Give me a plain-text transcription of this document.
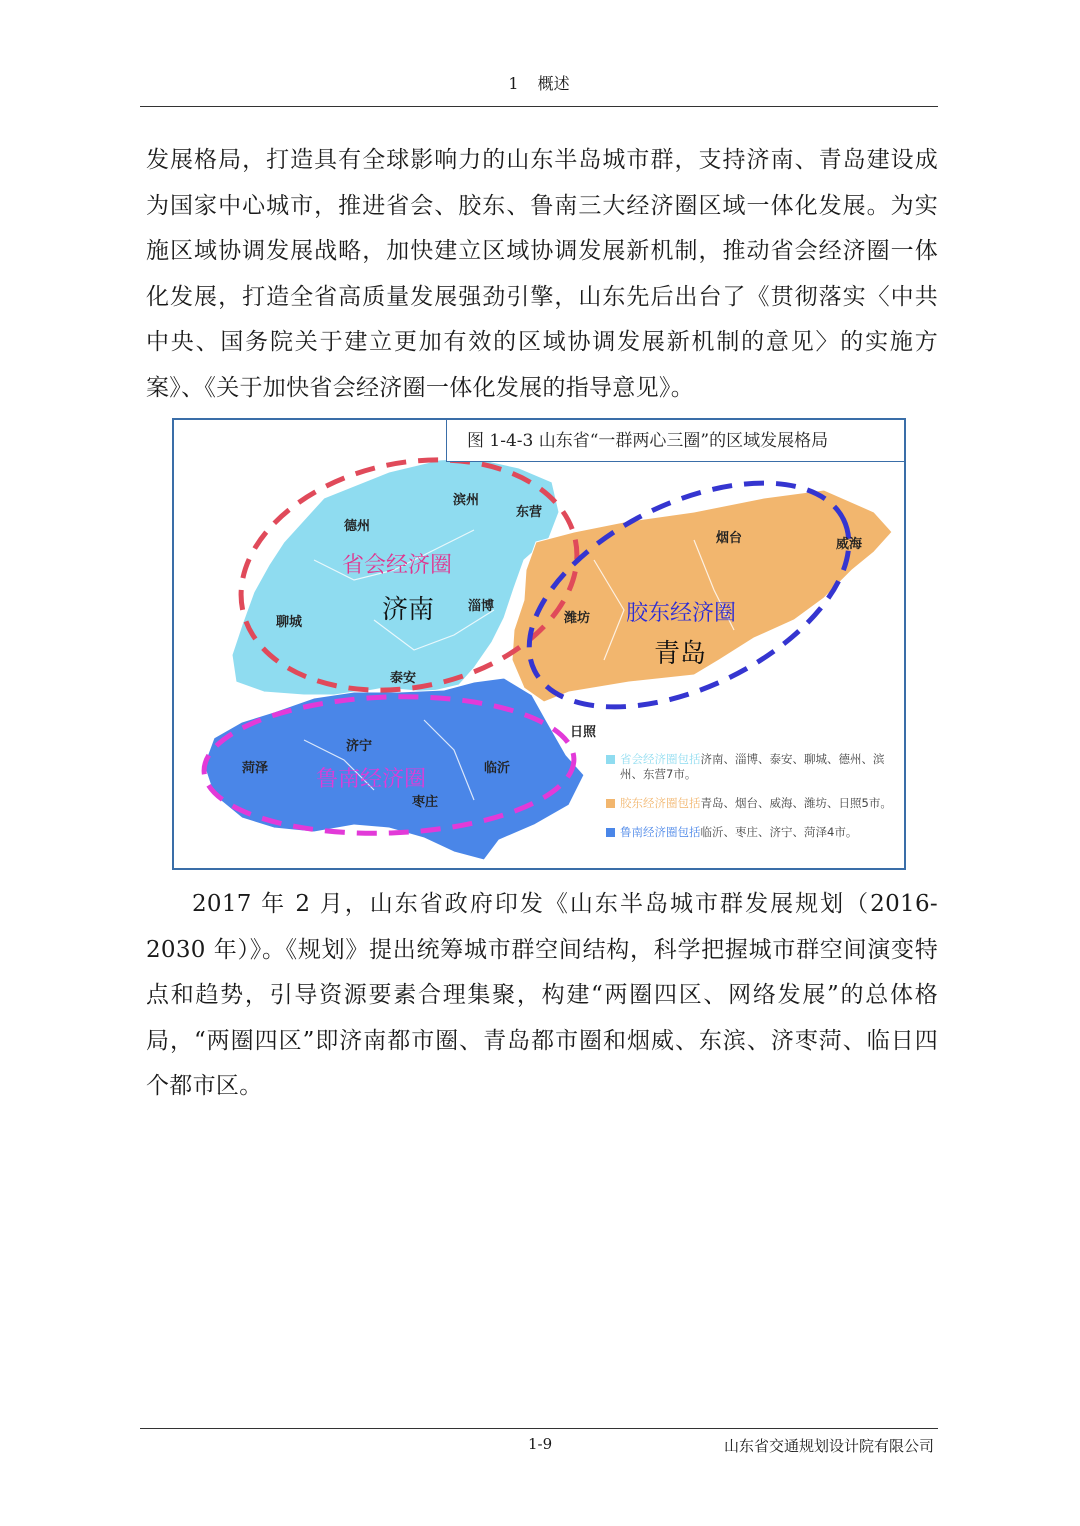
1 概述

发展格局，打造具有全球影响力的山东半岛城市群，支持济南、青岛建设成为国家中心城市，推进省会、胶东、鲁南三大经济圈区域一体化发展。为实施区域协调发展战略，加快建立区域协调发展新机制，推动省会经济圈一体化发展，打造全省高质量发展强劲引擎，山东先后出台了《贯彻落实〈中共中央、国务院关于建立更加有效的区域协调发展新机制的意见〉的实施方案》、《关于加快省会经济圈一体化发展的指导意见》。

省会经济圈
胶东经济圈
鲁南经济圈
济南
青岛
滨州
东营
德州
聊城
淄博
泰安
烟台	威海
潍坊
日照
菏泽
济宁
临沂
枣庄
图 1-4-3 山东省“一群两心三圈”的区域发展格局
省会经济圈包括济南、淄博、泰安、聊城、德州、滨州、东营7市。
胶东经济圈包括青岛、烟台、威海、潍坊、日照5市。
鲁南经济圈包括临沂、枣庄、济宁、菏泽4市。

2017 年 2 月，山东省政府印发《山东半岛城市群发展规划（2016-2030 年）》。《规划》提出统筹城市群空间结构，科学把握城市群空间演变特点和趋势，引导资源要素合理集聚，构建“两圈四区、网络发展”的总体格局，“两圈四区”即济南都市圈、青岛都市圈和烟威、东滨、济枣菏、临日四个都市区。

1-9	山东省交通规划设计院有限公司
